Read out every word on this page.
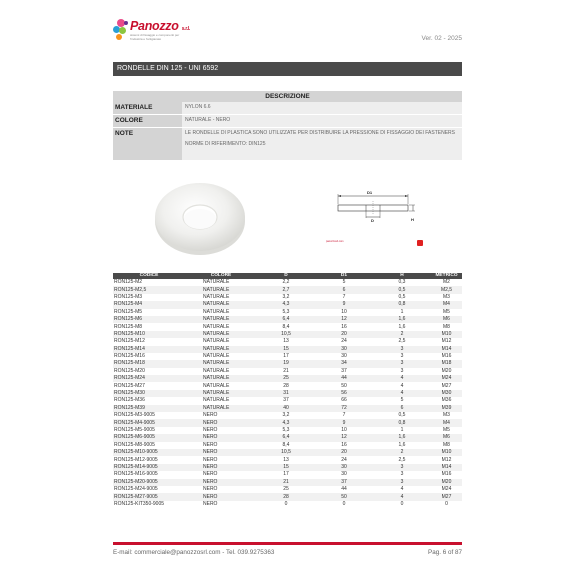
Panozzo s.r.l.
sistemi di fissaggio e componenti per l'industria e l'artigianato	Ver. 02 - 2025
RONDELLE DIN 125 - UNI 6592
DESCRIZIONE
MATERIALE	NYLON 6.6
COLORE	NATURALE - NERO
NOTE	LE RONDELLE DI PLASTICA SONO UTILIZZATE PER DISTRIBUIRE LA PRESSIONE DI FISSAGGIO DEI FASTENERS
NORME DI RIFERIMENTO: DIN125
D1
D	H
panozzosrl.com
CODICE	COLORE	D	D1	H	METRICO
RON125-M2	NATURALE	2,2	5	0,3	M2
RON125-M2,5	NATURALE	2,7	6	0,5	M2,5
RON125-M3	NATURALE	3,2	7	0,5	M3
RON125-M4	NATURALE	4,3	9	0,8	M4
RON125-M5	NATURALE	5,3	10	1	M5
RON125-M6	NATURALE	6,4	12	1,6	M6
RON125-M8	NATURALE	8,4	16	1,6	M8
RON125-M10	NATURALE	10,5	20	2	M10
RON125-M12	NATURALE	13	24	2,5	M12
RON125-M14	NATURALE	15	30	3	M14
RON125-M16	NATURALE	17	30	3	M16
RON125-M18	NATURALE	19	34	3	M18
RON125-M20	NATURALE	21	37	3	M20
RON125-M24	NATURALE	25	44	4	M24
RON125-M27	NATURALE	28	50	4	M27
RON125-M30	NATURALE	31	56	4	M30
RON125-M36	NATURALE	37	66	5	M36
RON125-M39	NATURALE	40	72	6	M39
RON125-M3-9005	NERO	3,2	7	0,5	M3
RON125-M4-9005	NERO	4,3	9	0,8	M4
RON125-M5-9005	NERO	5,3	10	1	M5
RON125-M6-9005	NERO	6,4	12	1,6	M6
RON125-M8-9005	NERO	8,4	16	1,6	M8
RON125-M10-9005	NERO	10,5	20	2	M10
RON125-M12-9005	NERO	13	24	2,5	M12
RON125-M14-9005	NERO	15	30	3	M14
RON125-M16-9005	NERO	17	30	3	M16
RON125-M20-9005	NERO	21	37	3	M20
RON125-M24-9005	NERO	25	44	4	M24
RON125-M27-9005	NERO	28	50	4	M27
RON125-KIT350-9005	NERO	0	0	0	0
E-mail: commerciale@panozzosrl.com - Tel. 039.9275363	Pag. 6 of 87
